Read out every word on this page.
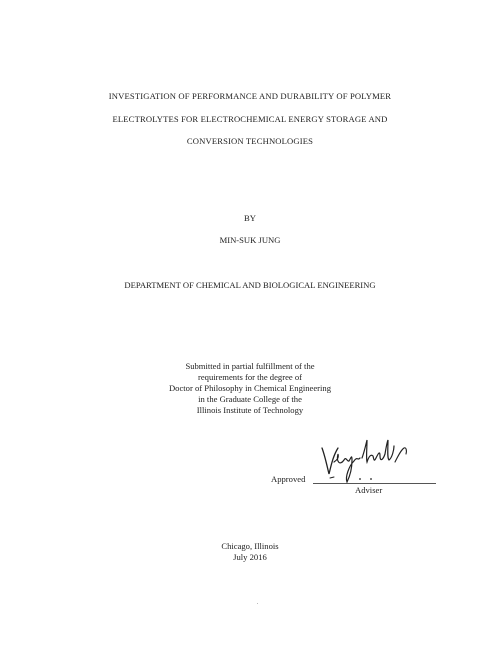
INVESTIGATION OF PERFORMANCE AND DURABILITY OF POLYMER
ELECTROLYTES FOR ELECTROCHEMICAL ENERGY STORAGE AND
CONVERSION TECHNOLOGIES
BY
MIN-SUK JUNG
DEPARTMENT OF CHEMICAL AND BIOLOGICAL ENGINEERING
Submitted in partial fulfillment of the
requirements for the degree of
Doctor of Philosophy in Chemical Engineering
in the Graduate College of the
Illinois Institute of Technology
Approved
Adviser
Chicago, Illinois
July 2016
